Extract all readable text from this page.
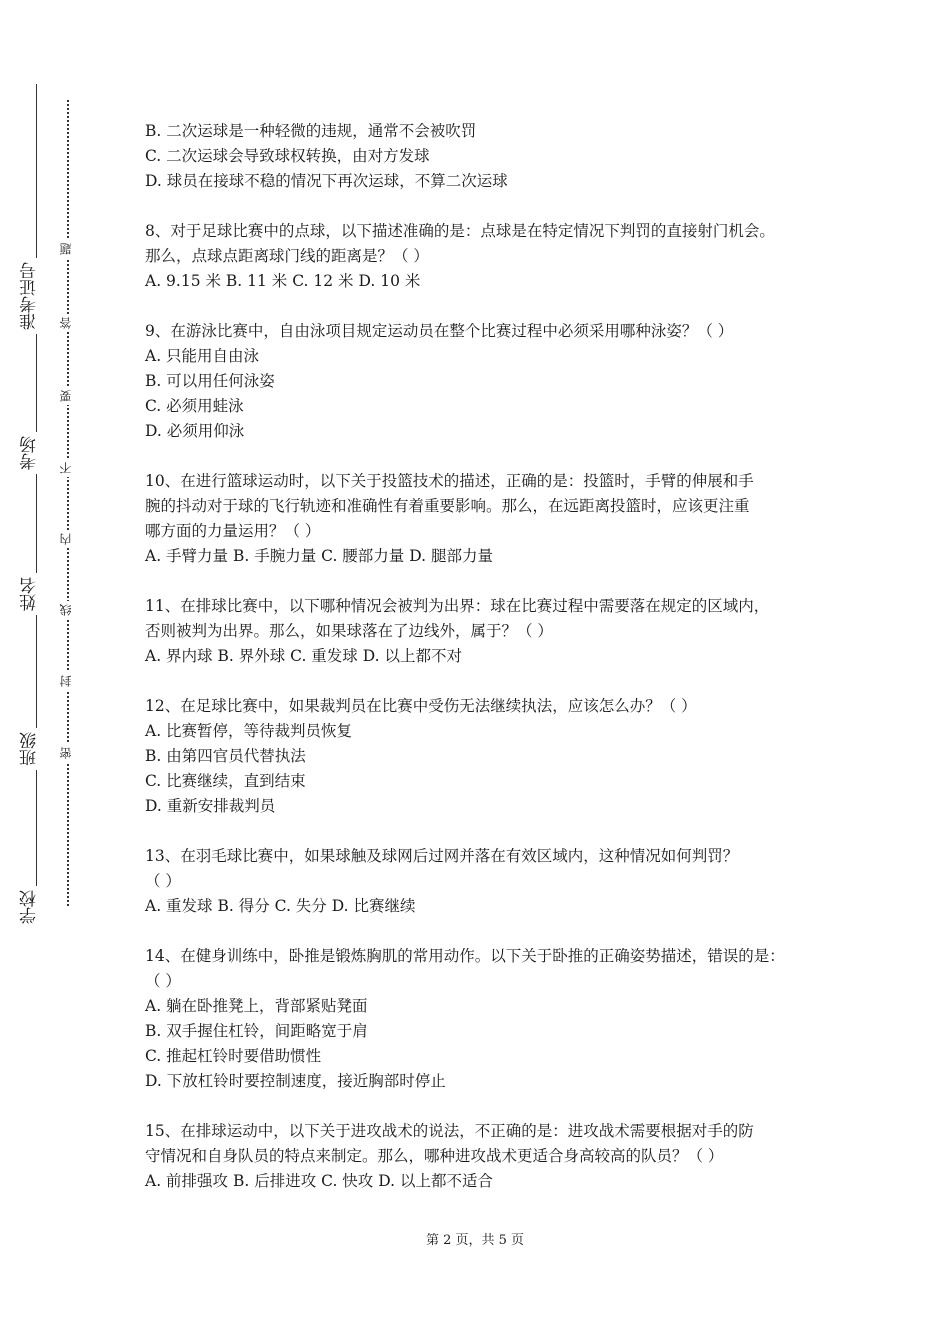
准考证号
考场
姓名
班级
学校
题
答
要
不
内
线
封
密
B. 二次运球是一种轻微的违规，通常不会被吹罚
C. 二次运球会导致球权转换，由对方发球
D. 球员在接球不稳的情况下再次运球，不算二次运球
8、对于足球比赛中的点球，以下描述准确的是：点球是在特定情况下判罚的直接射门机会。
那么，点球点距离球门线的距离是？（ ）
A. 9.15 米 B. 11 米 C. 12 米 D. 10 米
9、在游泳比赛中，自由泳项目规定运动员在整个比赛过程中必须采用哪种泳姿？（ ）
A. 只能用自由泳
B. 可以用任何泳姿
C. 必须用蛙泳
D. 必须用仰泳
10、在进行篮球运动时，以下关于投篮技术的描述，正确的是：投篮时，手臂的伸展和手
腕的抖动对于球的飞行轨迹和准确性有着重要影响。那么，在远距离投篮时，应该更注重
哪方面的力量运用？（ ）
A. 手臂力量 B. 手腕力量 C. 腰部力量 D. 腿部力量
11、在排球比赛中，以下哪种情况会被判为出界：球在比赛过程中需要落在规定的区域内，
否则被判为出界。那么，如果球落在了边线外，属于？（ ）
A. 界内球 B. 界外球 C. 重发球 D. 以上都不对
12、在足球比赛中，如果裁判员在比赛中受伤无法继续执法，应该怎么办？（ ）
A. 比赛暂停，等待裁判员恢复
B. 由第四官员代替执法
C. 比赛继续，直到结束
D. 重新安排裁判员
13、在羽毛球比赛中，如果球触及球网后过网并落在有效区域内，这种情况如何判罚？
（ ）
A. 重发球 B. 得分 C. 失分 D. 比赛继续
14、在健身训练中，卧推是锻炼胸肌的常用动作。以下关于卧推的正确姿势描述，错误的是：
（ ）
A. 躺在卧推凳上，背部紧贴凳面
B. 双手握住杠铃，间距略宽于肩
C. 推起杠铃时要借助惯性
D. 下放杠铃时要控制速度，接近胸部时停止
15、在排球运动中，以下关于进攻战术的说法，不正确的是：进攻战术需要根据对手的防
守情况和自身队员的特点来制定。那么，哪种进攻战术更适合身高较高的队员？（ ）
A. 前排强攻 B. 后排进攻 C. 快攻 D. 以上都不适合
第 2 页，共 5 页
